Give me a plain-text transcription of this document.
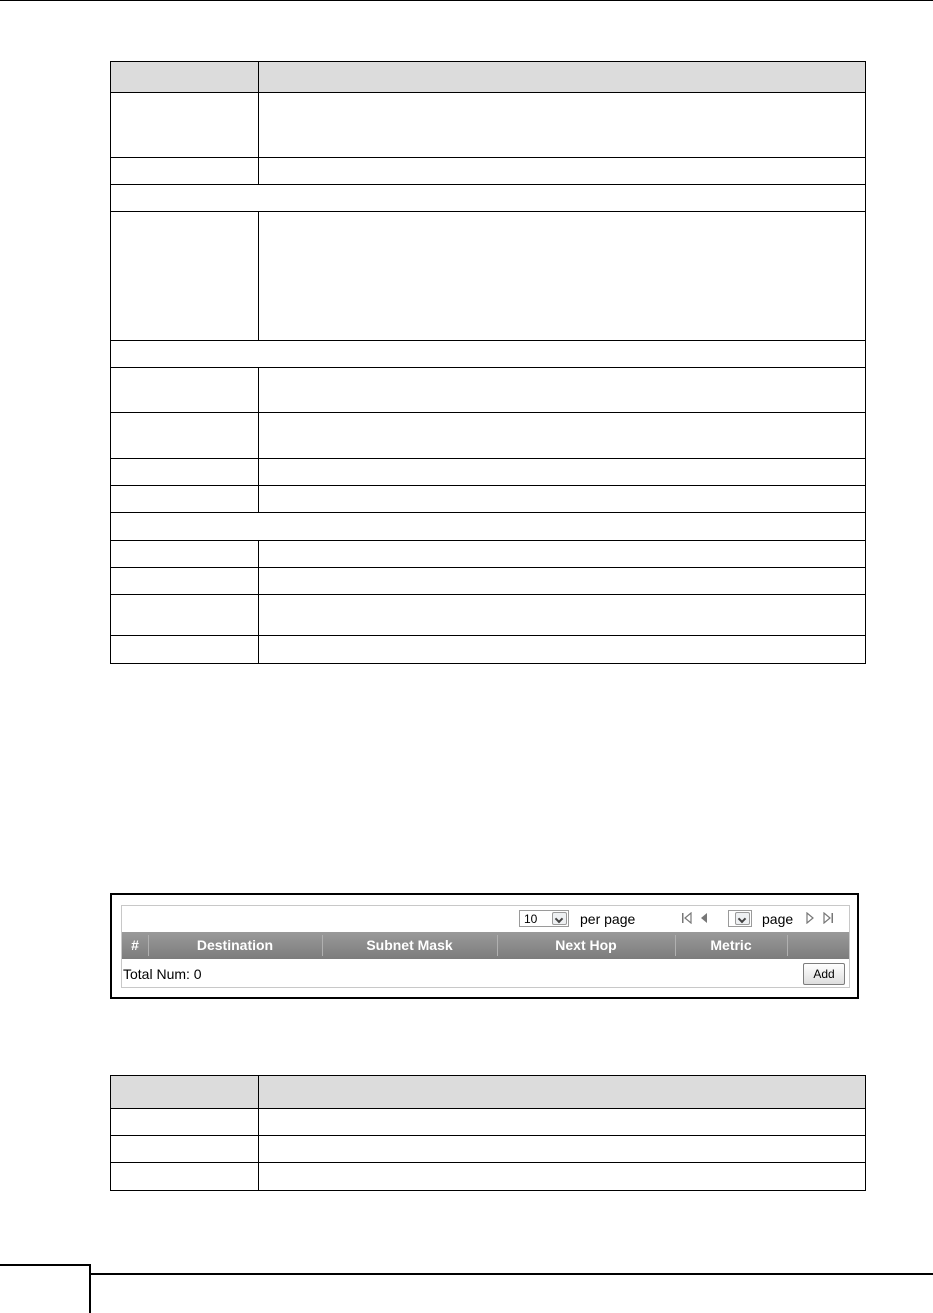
10	per page	page
#	Destination	Subnet Mask	Next Hop	Metric
Total Num: 0	Add
